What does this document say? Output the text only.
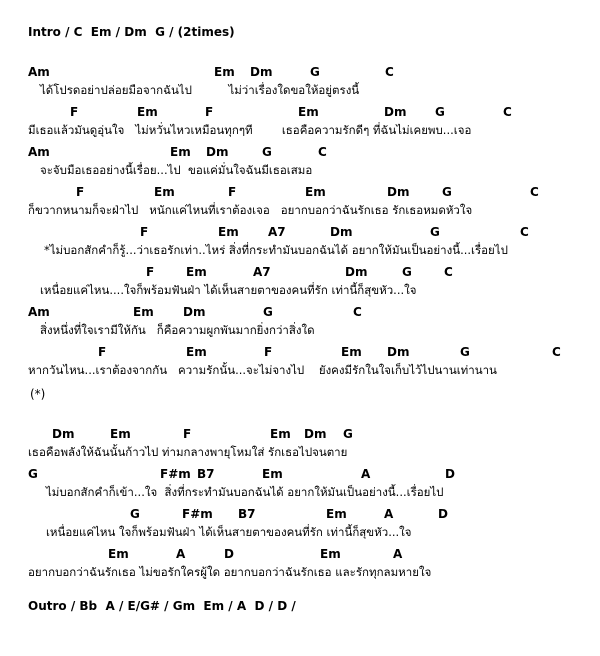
Intro / C  Em / Dm  G / (2times)
Am	Em Dm	G	C
ได้โปรดอย่าปล่อยมือจากฉันไป          ไม่ว่าเรื่องใดขอให้อยู่ตรงนี้
F	Em	F	Em	Dm G	C
มีเธอแล้วมันดูอุ่นใจ   ไม่หวั่นไหวเหมือนทุกๆที        เธอคือความรักดีๆ ที่ฉันไม่เคยพบ...เจอ
Am	Em Dm	G	C
จะจับมือเธออย่างนี้เรื่อย...ไป  ขอแค่มั่นใจฉันมีเธอเสมอ
F	Em	F	Em	Dm	G	C
ก็ขวากหนามก็จะฝ่าไป   หนักแค่ไหนที่เราต้องเจอ   อยากบอกว่าฉันรักเธอ รักเธอหมดหัวใจ
F	Em A7	Dm	G	C
*ไม่บอกสักคำก็รู้...ว่าเธอรักเท่า..ไหร่ สิ่งที่กระทำมันบอกฉันได้ อยากให้มันเป็นอย่างนี้...เรื่อยไป
F	Em	A7	Dm	G	C
เหนื่อยแค่ไหน....ใจก็พร้อมฟันฝ่า ได้เห็นสายตาของคนที่รัก เท่านี้ก็สุขหัว...ใจ
Am	Em Dm	G	C
สิ่งหนึ่งที่ใจเรามีให้กัน   ก็คือความผูกพันมากยิ่งกว่าสิ่งใด
F	Em	F	Em Dm	G	C
หากวันไหน...เราต้องจากกัน   ความรักนั้น...จะไม่จางไป    ยังคงมีรักในใจเก็บไว้ไปนานเท่านาน
(*)
Dm	Em	F	Em Dm G
เธอคือพลังให้ฉันนั้นก้าวไป ท่ามกลางพายุโหมใส่ รักเธอไปจนตาย
G	F#m B7	Em	A	D
ไม่บอกสักคำก็เข้า...ใจ  สิ่งที่กระทำมันบอกฉันได้ อยากให้มันเป็นอย่างนี้...เรื่อยไป
G	F#m B7	Em	A	D
เหนื่อยแค่ไหน ใจก็พร้อมฟันฝ่า ได้เห็นสายตาของคนที่รัก เท่านี้ก็สุขหัว...ใจ
Em	A	D	Em	A
อยากบอกว่าฉันรักเธอ ไม่ขอรักใครผู้ใด อยากบอกว่าฉันรักเธอ และรักทุกลมหายใจ
Outro / Bb  A / E/G# / Gm  Em / A  D / D /
